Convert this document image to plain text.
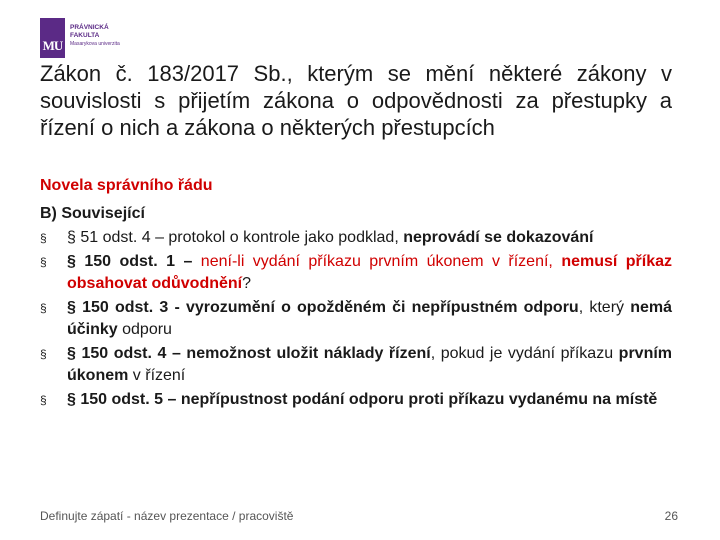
MU
PRÁVNICKÁ
FAKULTA
Masarykova univerzita
Zákon č. 183/2017 Sb., kterým se mění některé zákony v souvislosti s přijetím zákona o odpovědnosti za přestupky a řízení o nich a zákona o některých přestupcích

Novela správního řádu

B) Související
§	§ 51 odst. 4 – protokol o kontrole jako podklad, neprovádí se dokazování
§	§ 150 odst. 1 – není-li vydání příkazu prvním úkonem v řízení, nemusí příkaz obsahovat odůvodnění?
§	§ 150 odst. 3 - vyrozumění o opožděném či nepřípustném odporu, který nemá účinky odporu
§	§ 150 odst. 4 – nemožnost uložit náklady řízení, pokud je vydání příkazu prvním úkonem v řízení
§	§ 150 odst. 5 – nepřípustnost podání odporu proti příkazu vydanému na místě
Definujte zápatí - název prezentace / pracoviště	26
